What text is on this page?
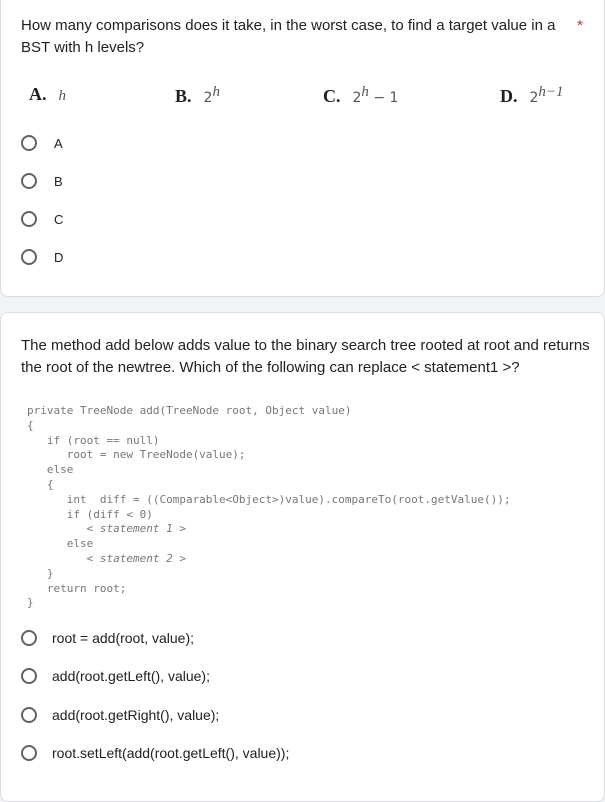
How many comparisons does it take, in the worst case, to find a target value in a BST with h levels?
*
A. h	B. 2$^h$	C. $2^h - 1$	D. $2^{h-1}$
A
B
C
D
The method add below adds value to the binary search tree rooted at root and returns the root of the newtree. Which of the following can replace < statement1 >?
private TreeNode add(TreeNode root, Object value)
{
if (root == null)
root = new TreeNode(value);
else
{
int  diff = ((Comparable<Object>)value).compareTo(root.getValue());
if (diff < 0)
< statement 1 >
else
< statement 2 >
}
return root;
}
root = add(root, value);
add(root.getLeft(), value);
add(root.getRight(), value);
root.setLeft(add(root.getLeft(), value));
